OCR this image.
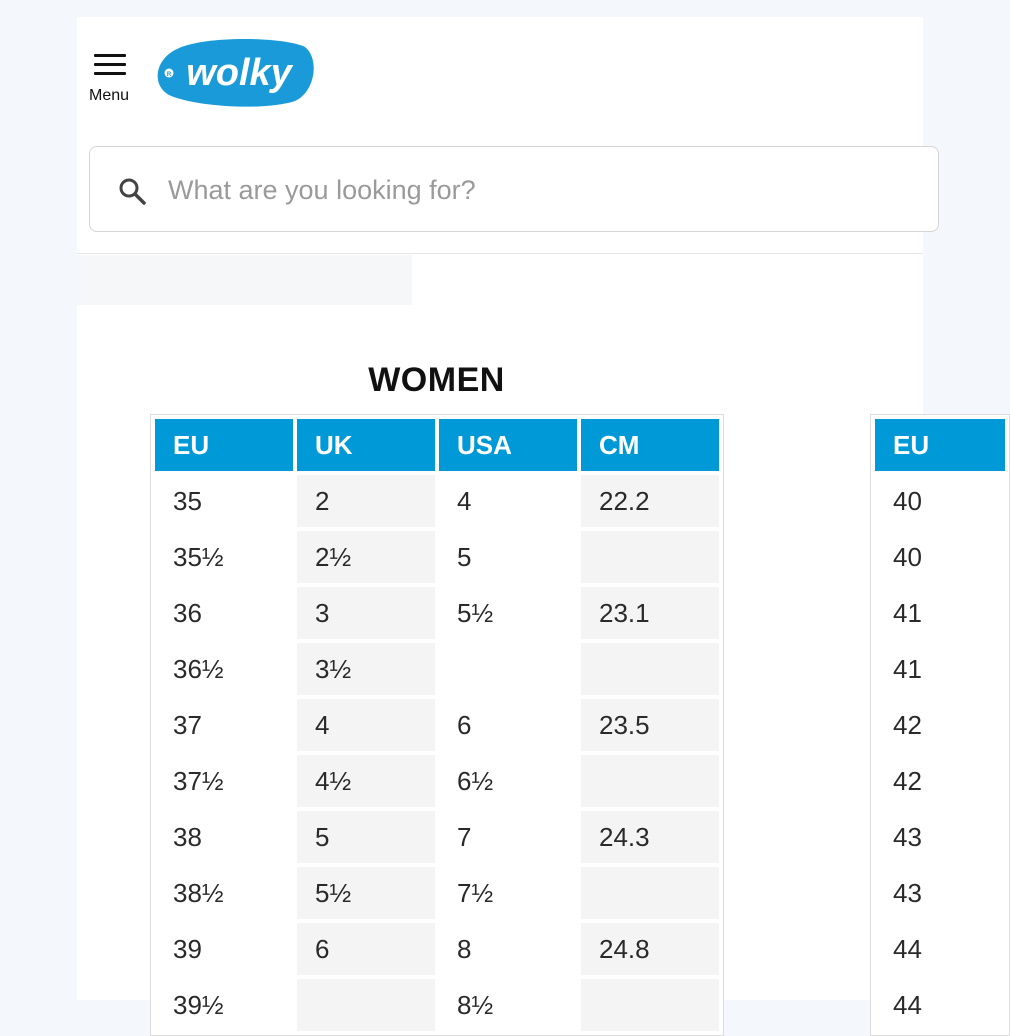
Menu
R wolky
What are you looking for?
WOMEN
EU	UK	USA	CM
35	2	4	22.2
35½	2½	5	
36	3	5½	23.1
36½	3½		
37	4	6	23.5
37½	4½	6½	
38	5	7	24.3
38½	5½	7½	
39	6	8	24.8
39½		8½	
EU
40
40
41
41
42
42
43
43
44
44
